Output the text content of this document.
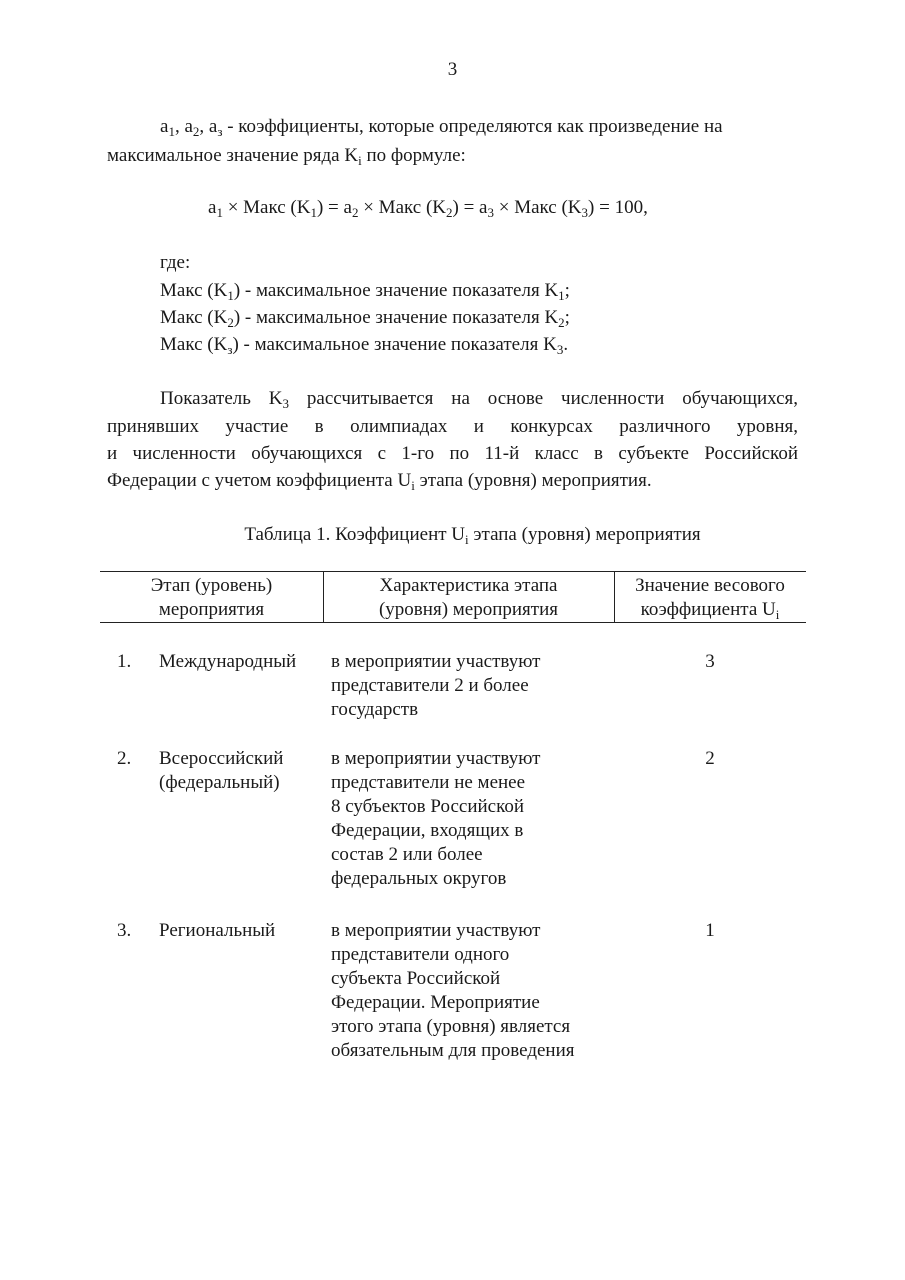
3
$a_1$, $a_2$, $a_з$ - коэффициенты, которые определяются как произведение на
максимальное значение ряда $K_i$ по формуле:
$a_1$ × Макс $(K_1) = a_2$ × Макс $(K_2) = a_3$ × Макс $(K_3) = 100$,
где:
Макс $(K_1)$ - максимальное значение показателя $K_1$;
Макс $(K_2)$ - максимальное значение показателя $K_2$;
Макс $(K_з)$ - максимальное значение показателя $K_3$.
Показатель $K_3$ рассчитывается на основе численности обучающихся,
принявших участие в олимпиадах и конкурсах различного уровня,
и численности обучающихся с 1-го по 11-й класс в субъекте Российской
Федерации с учетом коэффициента $U_i$ этапа (уровня) мероприятия.
Таблица 1. Коэффициент $U_i$ этапа (уровня) мероприятия
Этап (уровень)
мероприятия
Характеристика этапа
(уровня) мероприятия
Значение весового
коэффициента $U_i$
1. Международный в мероприятии участвуют
представители 2 и более
государств
3
2. Всероссийский
(федеральный)
в мероприятии участвуют
представители не менее
8 субъектов Российской
Федерации, входящих в
состав 2 или более
федеральных округов
2
3. Региональный	в мероприятии участвуют
представители одного
субъекта Российской
Федерации. Мероприятие
этого этапа (уровня) является
обязательным для проведения
1
